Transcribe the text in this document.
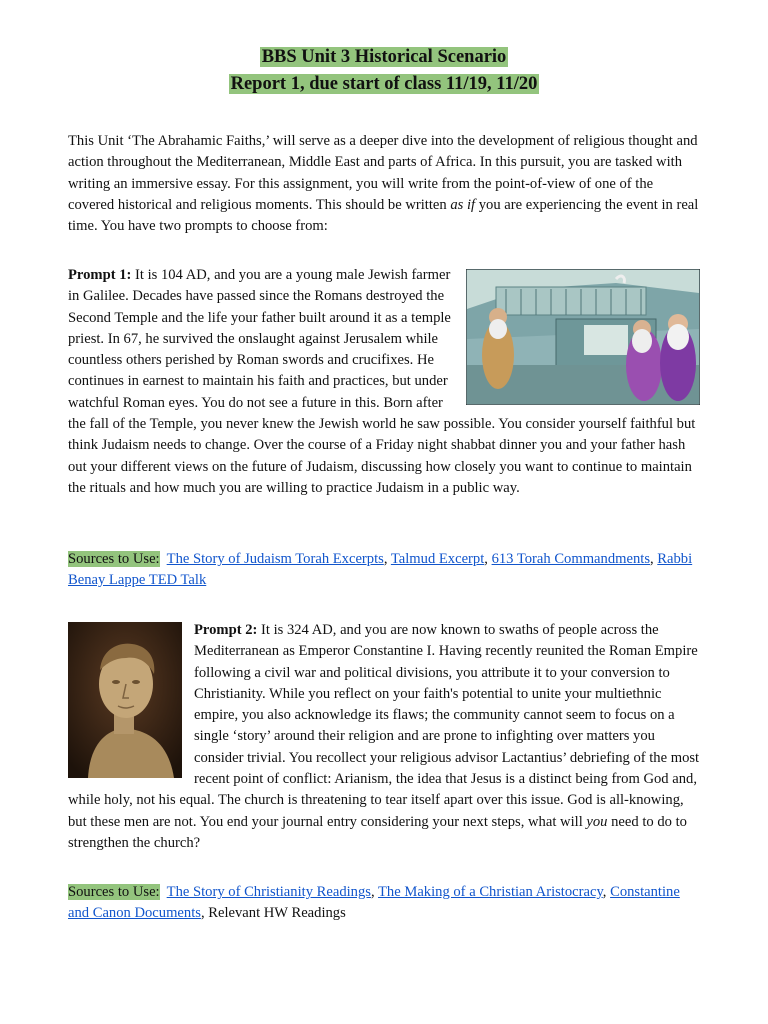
BBS Unit 3 Historical Scenario
Report 1, due start of class 11/19, 11/20

This Unit ‘The Abrahamic Faiths,’ will serve as a deeper dive into the development of religious thought and action throughout the Mediterranean, Middle East and parts of Africa. In this pursuit, you are tasked with writing an immersive essay. For this assignment, you will write from the point-of-view of one of the covered historical and religious moments. This should be written as if you are experiencing the event in real time. You have two prompts to choose from:

Prompt 1: It is 104 AD, and you are a young male Jewish farmer in Galilee. Decades have passed since the Romans destroyed the Second Temple and the life your father built around it as a temple priest. In 67, he survived the onslaught against Jerusalem while countless others perished by Roman swords and crucifixes. He continues in earnest to maintain his faith and practices, but under watchful Roman eyes. You do not see a future in this. Born after the fall of the Temple, you never knew the Jewish world he saw possible. You consider yourself faithful but think Judaism needs to change. Over the course of a Friday night shabbat dinner you and your father hash out your different views on the future of Judaism, discussing how closely you want to continue to maintain the rituals and how much you are willing to practice Judaism in a public way.
Sources to Use: The Story of Judaism Torah Excerpts, Talmud Excerpt, 613 Torah Commandments, Rabbi Benay Lappe TED Talk
Prompt 2: It is 324 AD, and you are now known to swaths of people across the Mediterranean as Emperor Constantine I. Having recently reunited the Roman Empire following a civil war and political divisions, you attribute it to your conversion to Christianity. While you reflect on your faith's potential to unite your multiethnic empire, you also acknowledge its flaws; the community cannot seem to focus on a single ‘story’ around their religion and are prone to infighting over matters you consider trivial. You recollect your religious advisor Lactantius’ debriefing of the most recent point of conflict: Arianism, the idea that Jesus is a distinct being from God and, while holy, not his equal. The church is threatening to tear itself apart over this issue. God is all-knowing, but these men are not. You end your journal entry considering your next steps, what will you need to do to strengthen the church?
Sources to Use: The Story of Christianity Readings, The Making of a Christian Aristocracy, Constantine and Canon Documents, Relevant HW Readings
